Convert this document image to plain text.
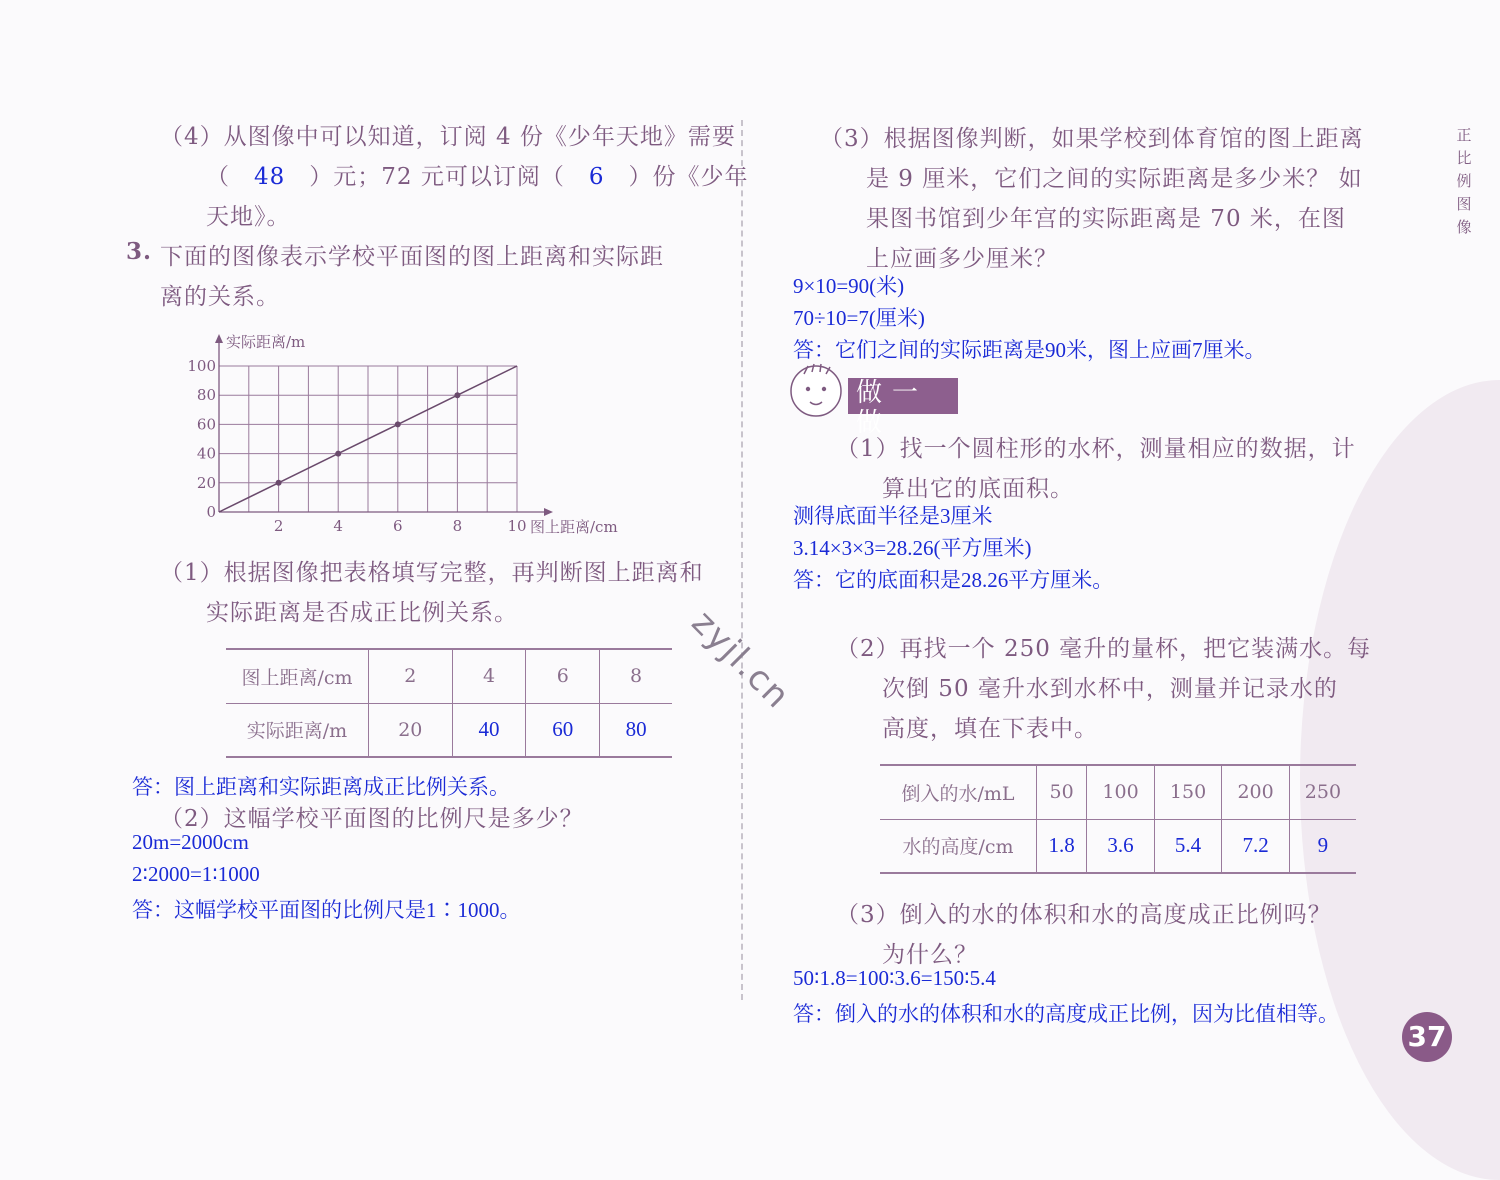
（4）从图像中可以知道，订阅 4 份《少年天地》需要
（ 48 ）元；72 元可以订阅（ 6 ）份《少年
天地》。
3. 下面的图像表示学校平面图的图上距离和实际距
离的关系。
2	4	6	8	10
0
20
40
60
80
100
实际距离/m
图上距离/cm
（1）根据图像把表格填写完整，再判断图上距离和
实际距离是否成正比例关系。
图上距离/cm	2	4	6	8
实际距离/m	20	40	60	80
答：图上距离和实际距离成正比例关系。
（2）这幅学校平面图的比例尺是多少？
20m=2000cm
2∶2000=1∶1000
答：这幅学校平面图的比例尺是1∶1000。
zyjl.cn
（3）根据图像判断，如果学校到体育馆的图上距离
是 9 厘米，它们之间的实际距离是多少米？ 如
果图书馆到少年宫的实际距离是 70 米，在图
上应画多少厘米？
9×10=90(米)
70÷10=7(厘米)
答：它们之间的实际距离是90米，图上应画7厘米。
做一做
（1）找一个圆柱形的水杯，测量相应的数据，计
算出它的底面积。
测得底面半径是3厘米
3.14×3×3=28.26(平方厘米)
答：它的底面积是28.26平方厘米。
（2）再找一个 250 毫升的量杯，把它装满水。每
次倒 50 毫升水到水杯中，测量并记录水的
高度，填在下表中。
倒入的水/mL	50	100	150	200	250
水的高度/cm	1.8	3.6	5.4	7.2	9
（3）倒入的水的体积和水的高度成正比例吗？
为什么？
50∶1.8=100∶3.6=150∶5.4
答：倒入的水的体积和水的高度成正比例，因为比值相等。
正
比
例
图
像
37
